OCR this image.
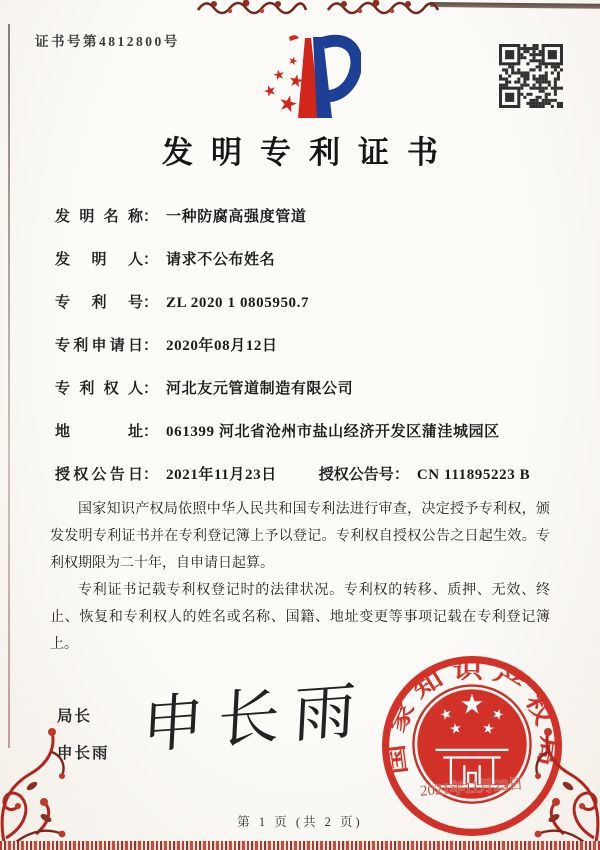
证书号第4812800号
发明专利证书
发明名称： 一种防腐高强度管道
发明人： 请求不公布姓名
专利号： ZL 2020 1 0805950.7
专利申请日： 2020年08月12日
专利权人： 河北友元管道制造有限公司
地址： 061399 河北省沧州市盐山经济开发区蒲洼城园区
授权公告日： 2021年11月23日	授权公告号： CN 111895223 B

国家知识产权局依照中华人民共和国专利法进行审查，决定授予专利权，颁发发明专利证书并在专利登记簿上予以登记。专利权自授权公告之日起生效。专利权期限为二十年，自申请日起算。

专利证书记载专利权登记时的法律状况。专利权的转移、质押、无效、终止、恢复和专利权人的姓名或名称、国籍、地址变更等事项记载在专利登记簿上。

局长
申长雨 申长雨 国家知识产权局
2021年11月23日
第 1 页 (共 2 页)
